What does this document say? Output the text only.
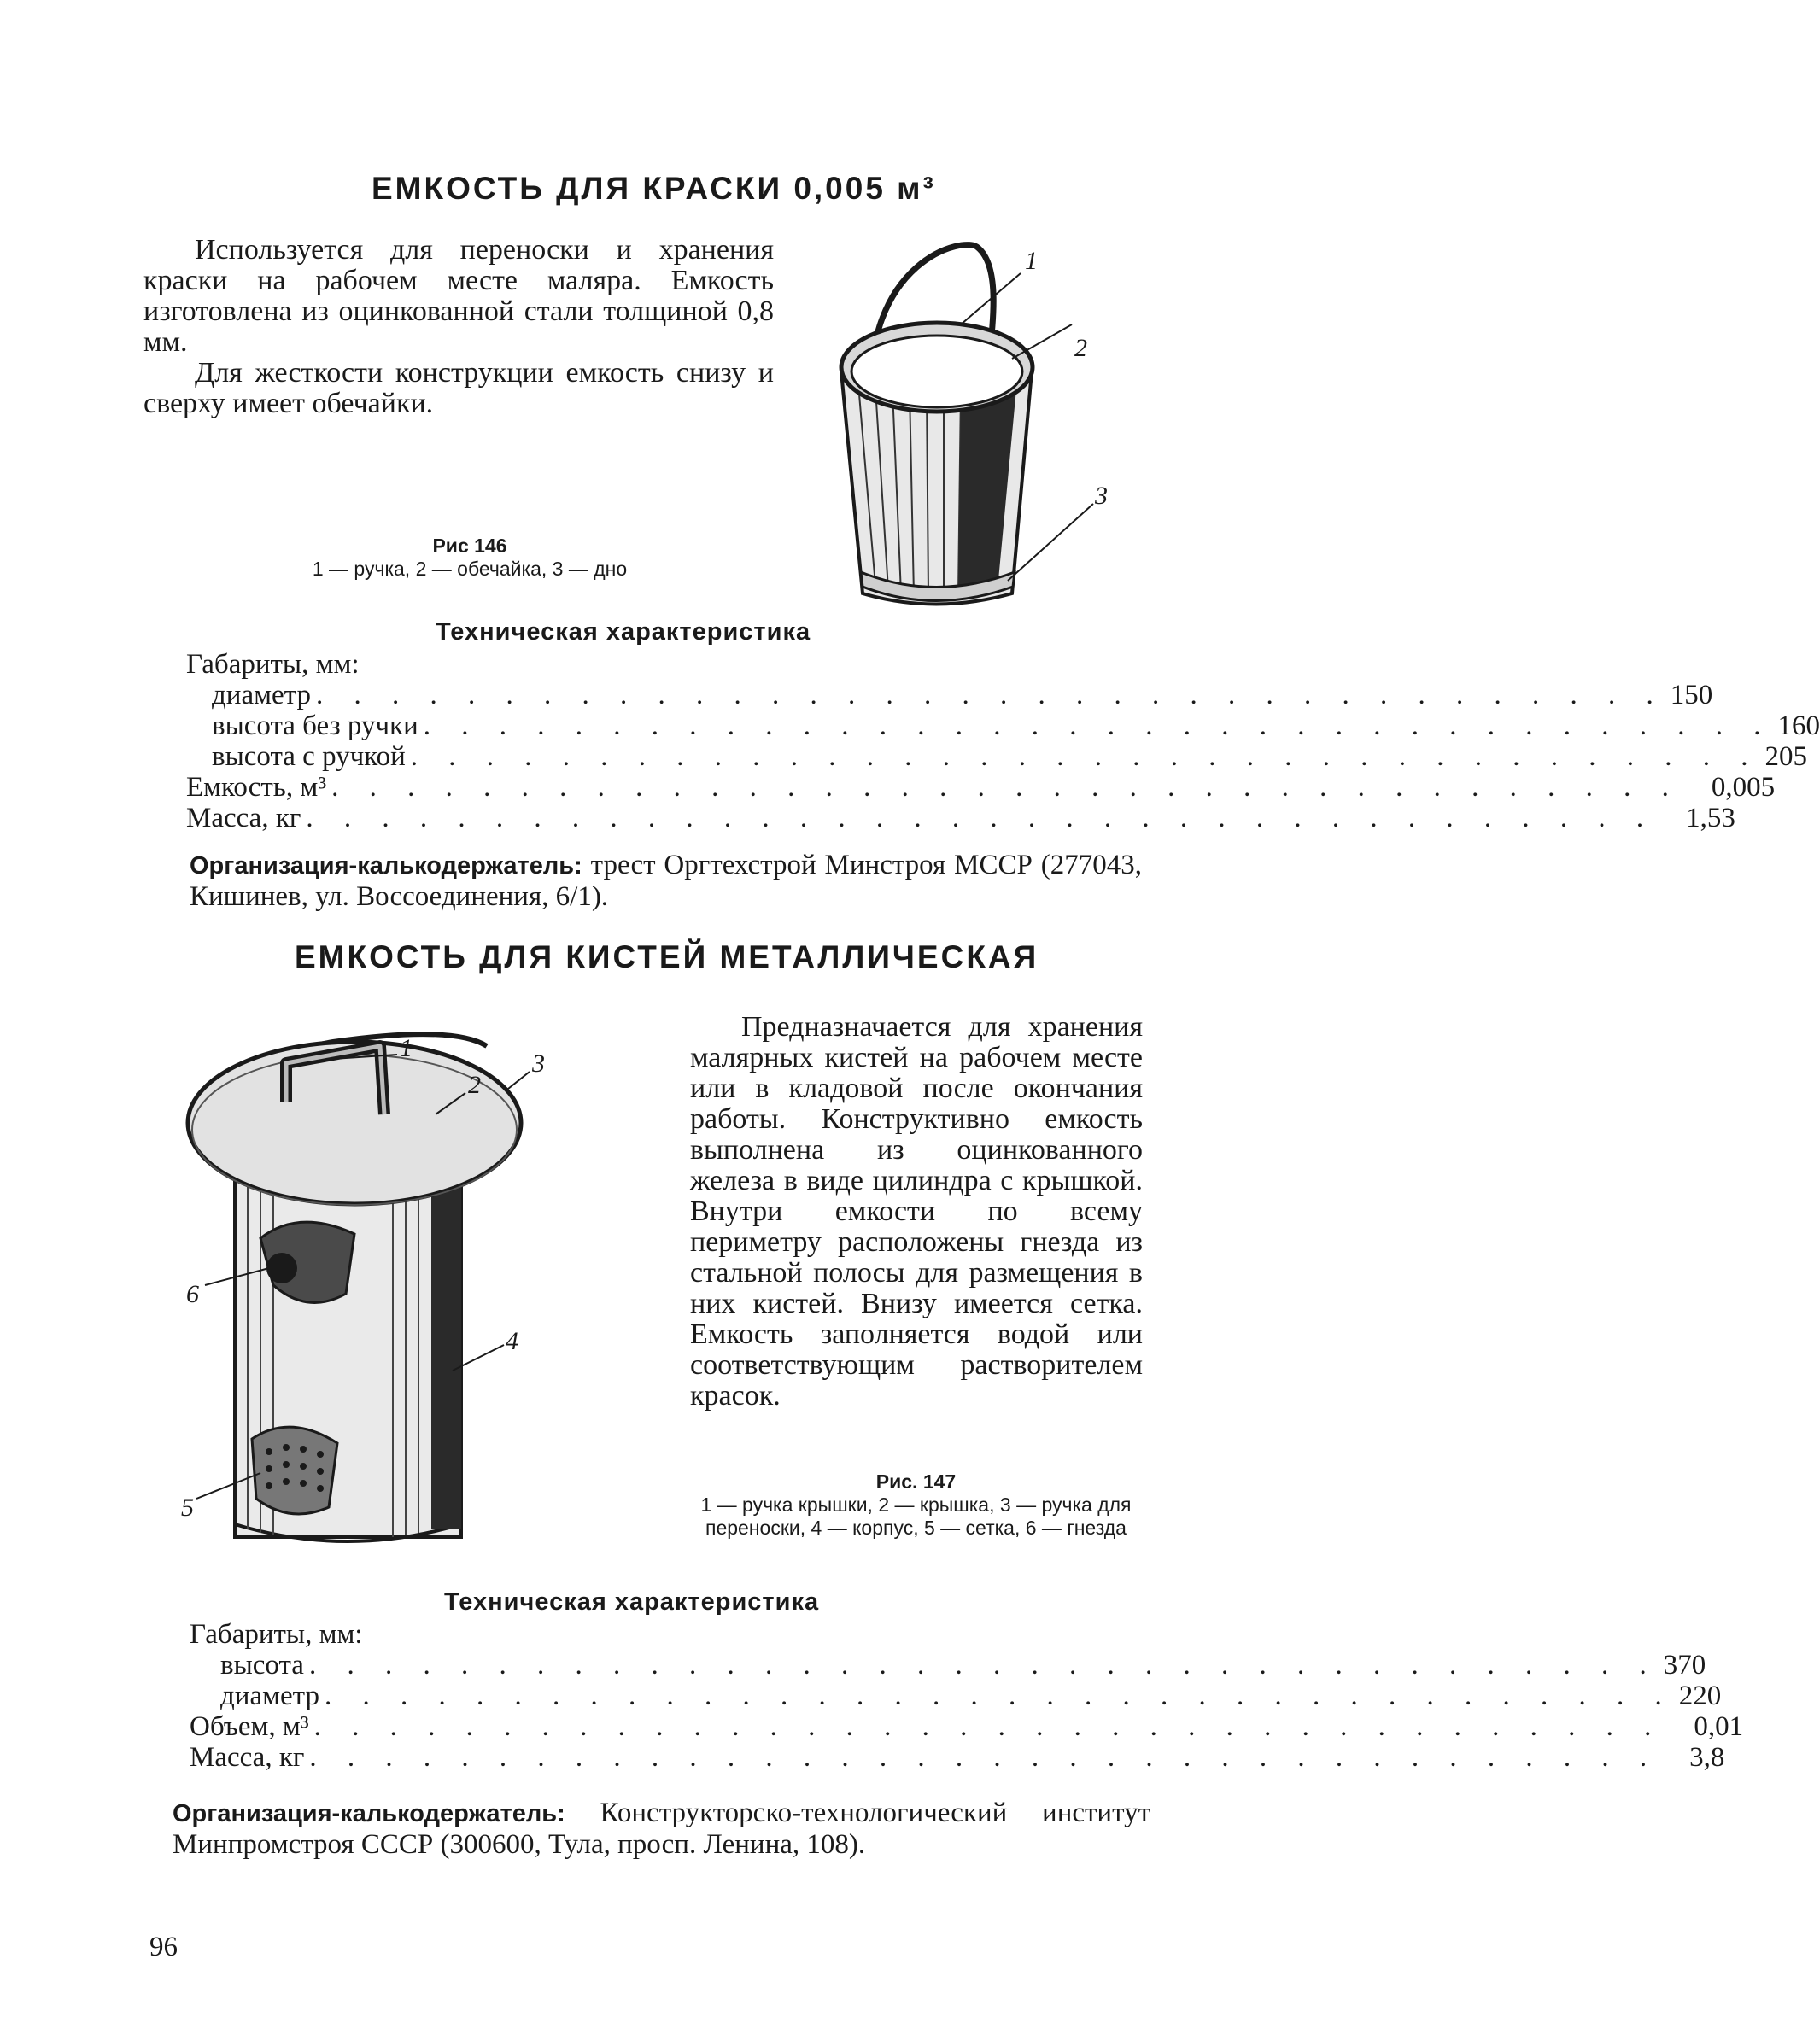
ЕМКОСТЬ ДЛЯ КРАСКИ 0,005 м³

Используется для переноски и хранения краски на рабочем месте маляра. Емкость изготовлена из оцинкованной стали толщиной 0,8 мм.

Для жесткости конструкции емкость снизу и сверху имеет обечайки.

1
2
3
Рис 146
1 — ручка, 2 — обечайка, 3 — дно
Техническая характеристика
Габариты, мм:
диаметр . . . . . . . . . . . . . . . . . . . . . . . . . . . . . . . . . . . . 150
высота без ручки . . . . . . . . . . . . . . . . . . . . . . . . . . . . . . . . . . . . 160
высота с ручкой . . . . . . . . . . . . . . . . . . . . . . . . . . . . . . . . . . . . 205
Емкость, м³ . . . . . . . . . . . . . . . . . . . . . . . . . . . . . . . . . . . .	0,005
Масса, кг . . . . . . . . . . . . . . . . . . . . . . . . . . . . . . . . . . . .	1,53
Организация-калькодержатель: трест Оргтехстрой Минстроя МССР (277043, Кишинев, ул. Воссоединения, 6/1).
ЕМКОСТЬ ДЛЯ КИСТЕЙ МЕТАЛЛИЧЕСКАЯ
1
2
3
4
6
5

Предназначается для хранения малярных кистей на рабочем месте или в кладовой после окончания работы. Конструктивно емкость выполнена из оцинкованного железа в виде цилиндра с крышкой. Внутри емкости по всему периметру расположены гнезда из стальной полосы для размещения в них кистей. Внизу имеется сетка. Емкость заполняется водой или соответствующим растворителем красок.

Рис. 147
1 — ручка крышки, 2 — крышка, 3 — ручка для переноски, 4 — корпус, 5 — сетка, 6 — гнезда
Техническая характеристика
Габариты, мм:
высота . . . . . . . . . . . . . . . . . . . . . . . . . . . . . . . . . . . . 370
диаметр . . . . . . . . . . . . . . . . . . . . . . . . . . . . . . . . . . . . 220
Объем, м³ . . . . . . . . . . . . . . . . . . . . . . . . . . . . . . . . . . . .	0,01
Масса, кг . . . . . . . . . . . . . . . . . . . . . . . . . . . . . . . . . . . .	3,8
Организация-калькодержатель: Конструкторско-технологический институт Минпромстроя СССР (300600, Тула, просп. Ленина, 108).
96
